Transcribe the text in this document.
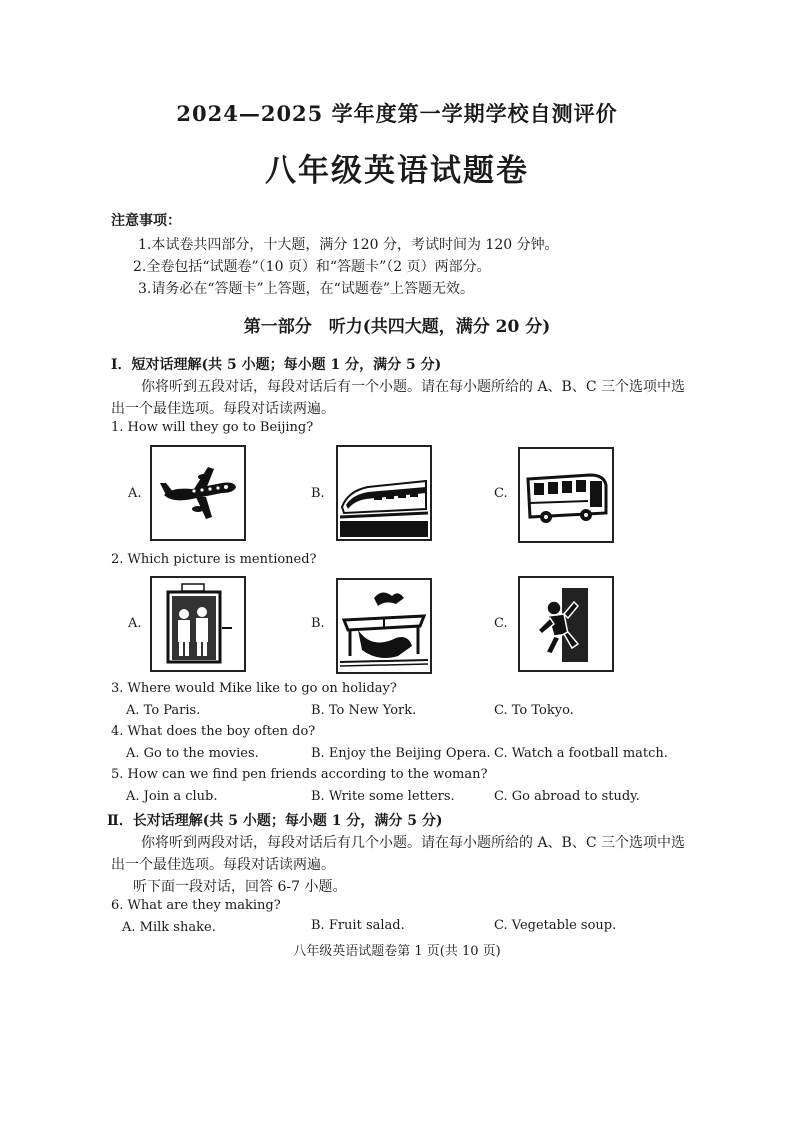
2024—2025 学年度第一学期学校自测评价
八年级英语试题卷
注意事项：
1.本试卷共四部分，十大题，满分 120 分，考试时间为 120 分钟。
2.全卷包括“试题卷”（10 页）和“答题卡”（2 页）两部分。
3.请务必在“答题卡”上答题，在“试题卷”上答题无效。
第一部分　听力(共四大题，满分 20 分)
Ⅰ．短对话理解(共 5 小题；每小题 1 分，满分 5 分)
你将听到五段对话，每段对话后有一个小题。请在每小题所给的 A、B、C 三个选项中选
出一个最佳选项。每段对话读两遍。
1. How will they go to Beijing?
A.	B.	C.
2. Which picture is mentioned?
A.	B.	C.
3. Where would Mike like to go on holiday?
A. To Paris.	B. To New York.	C. To Tokyo.
4. What does the boy often do?
A. Go to the movies.	B. Enjoy the Beijing Opera. C. Watch a football match.
5. How can we find pen friends according to the woman?
A. Join a club.	B. Write some letters.	C. Go abroad to study.
Ⅱ．长对话理解(共 5 小题；每小题 1 分，满分 5 分)
你将听到两段对话，每段对话后有几个小题。请在每小题所给的 A、B、C 三个选项中选
出一个最佳选项。每段对话读两遍。
听下面一段对话，回答 6-7 小题。
6. What are they making?
A. Milk shake.	B. Fruit salad.	C. Vegetable soup.
八年级英语试题卷第 1 页(共 10 页)
